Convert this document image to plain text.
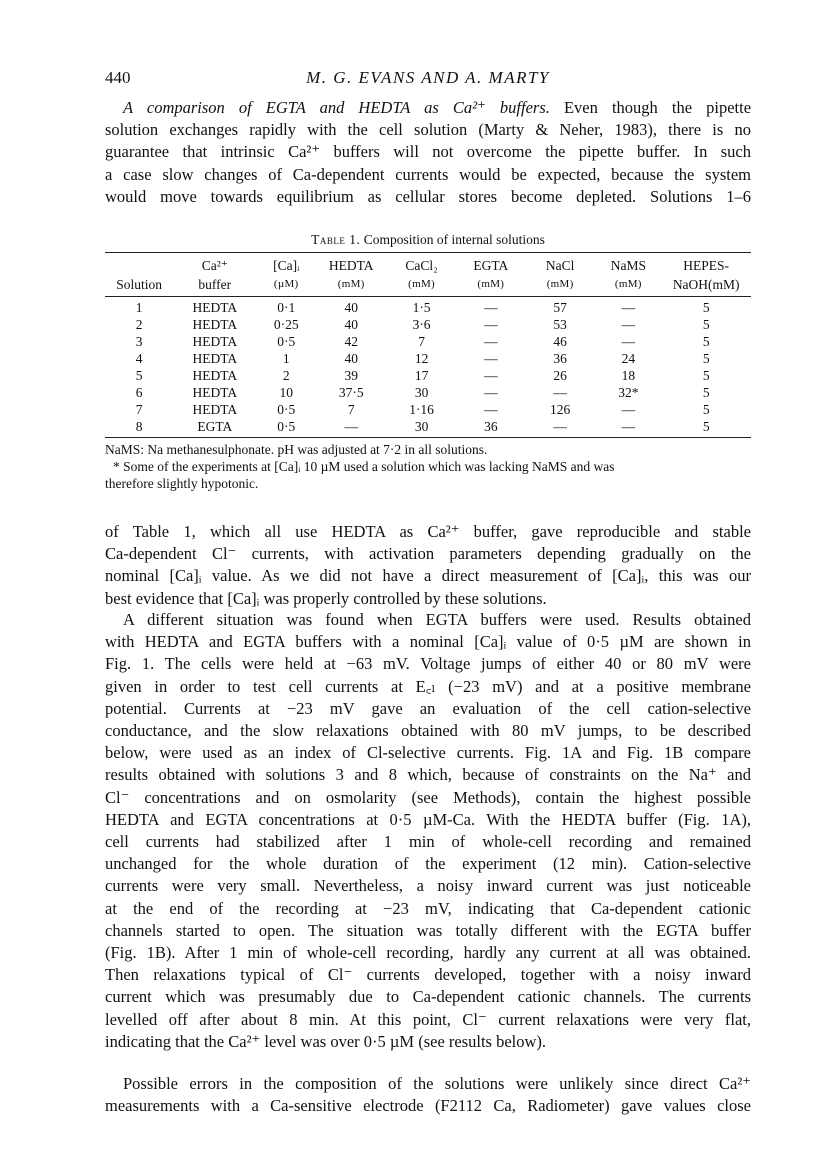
440	M. G. EVANS AND A. MARTY
A comparison of EGTA and HEDTA as Ca²⁺ buffers. Even though the pipette
solution exchanges rapidly with the cell solution (Marty & Neher, 1983), there is no
guarantee that intrinsic Ca²⁺ buffers will not overcome the pipette buffer. In such
a case slow changes of Ca-dependent currents would be expected, because the system
would move towards equilibrium as cellular stores become depleted. Solutions 1–6
Table 1. Composition of internal solutions
	Ca²⁺	[Ca]ᵢ	HEDTA	CaCl₂	EGTA	NaCl	NaMS	HEPES-
Solution	buffer	(µM)	(mM)	(mM)	(mM)	(mM)	(mM)	NaOH(mM)
1	HEDTA	0·1	40	1·5	—	57	—	5
2	HEDTA	0·25	40	3·6	—	53	—	5
3	HEDTA	0·5	42	7	—	46	—	5
4	HEDTA	1	40	12	—	36	24	5
5	HEDTA	2	39	17	—	26	18	5
6	HEDTA	10	37·5	30	—	—	32*	5
7	HEDTA	0·5	7	1·16	—	126	—	5
8	EGTA	0·5	—	30	36	—	—	5

NaMS: Na methanesulphonate. pH was adjusted at 7·2 in all solutions.

* Some of the experiments at [Ca]ᵢ 10 µM used a solution which was lacking NaMS and was

therefore slightly hypotonic.

of Table 1, which all use HEDTA as Ca²⁺ buffer, gave reproducible and stable
Ca-dependent Cl⁻ currents, with activation parameters depending gradually on the
nominal [Ca]ᵢ value. As we did not have a direct measurement of [Ca]ᵢ, this was our
best evidence that [Ca]ᵢ was properly controlled by these solutions.
A different situation was found when EGTA buffers were used. Results obtained
with HEDTA and EGTA buffers with a nominal [Ca]ᵢ value of 0·5 µM are shown in
Fig. 1. The cells were held at −63 mV. Voltage jumps of either 40 or 80 mV were
given in order to test cell currents at E꜀ₗ (−23 mV) and at a positive membrane
potential. Currents at −23 mV gave an evaluation of the cell cation-selective
conductance, and the slow relaxations obtained with 80 mV jumps, to be described
below, were used as an index of Cl-selective currents. Fig. 1A and Fig. 1B compare
results obtained with solutions 3 and 8 which, because of constraints on the Na⁺ and
Cl⁻ concentrations and on osmolarity (see Methods), contain the highest possible
HEDTA and EGTA concentrations at 0·5 µM-Ca. With the HEDTA buffer (Fig. 1A),
cell currents had stabilized after 1 min of whole-cell recording and remained
unchanged for the whole duration of the experiment (12 min). Cation-selective
currents were very small. Nevertheless, a noisy inward current was just noticeable
at the end of the recording at −23 mV, indicating that Ca-dependent cationic
channels started to open. The situation was totally different with the EGTA buffer
(Fig. 1B). After 1 min of whole-cell recording, hardly any current at all was obtained.
Then relaxations typical of Cl⁻ currents developed, together with a noisy inward
current which was presumably due to Ca-dependent cationic channels. The currents
levelled off after about 8 min. At this point, Cl⁻ current relaxations were very flat,
indicating that the Ca²⁺ level was over 0·5 µM (see results below).
Possible errors in the composition of the solutions were unlikely since direct Ca²⁺
measurements with a Ca-sensitive electrode (F2112 Ca, Radiometer) gave values close
